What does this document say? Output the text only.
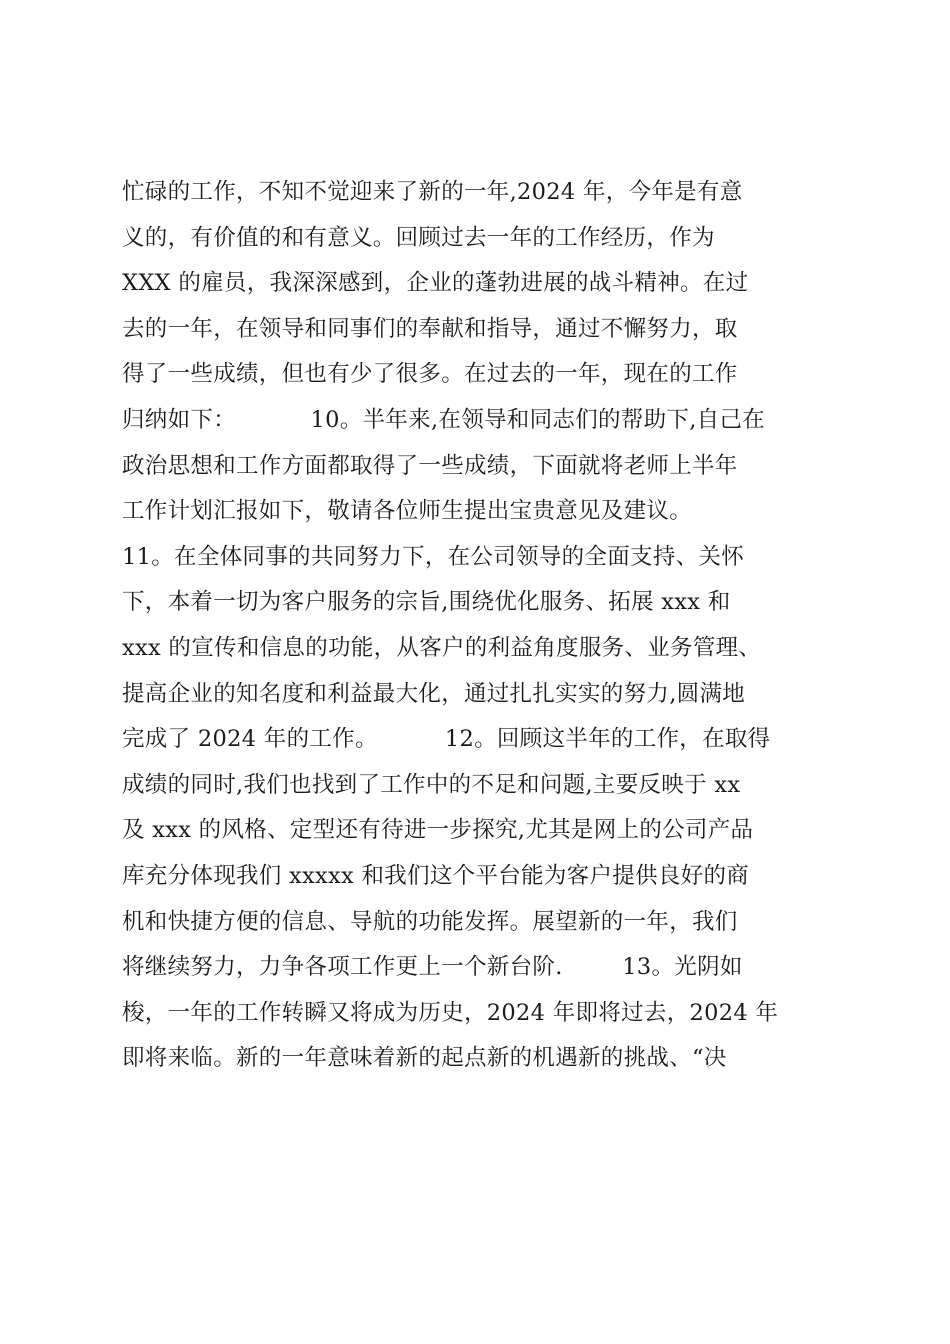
忙碌的工作，不知不觉迎来了新的一年,2024 年，今年是有意
义的，有价值的和有意义。回顾过去一年的工作经历，作为
XXX 的雇员，我深深感到，企业的蓬勃进展的战斗精神。在过
去的一年，在领导和同事们的奉献和指导，通过不懈努力，取
得了一些成绩，但也有少了很多。在过去的一年，现在的工作
归纳如下：          10。半年来,在领导和同志们的帮助下,自己在
政治思想和工作方面都取得了一些成绩，下面就将老师上半年
工作计划汇报如下，敬请各位师生提出宝贵意见及建议。
11。在全体同事的共同努力下，在公司领导的全面支持、关怀
下，本着一切为客户服务的宗旨,围绕优化服务、拓展 xxx 和
xxx 的宣传和信息的功能，从客户的利益角度服务、业务管理、
提高企业的知名度和利益最大化，通过扎扎实实的努力,圆满地
完成了 2024 年的工作。         12。回顾这半年的工作，在取得
成绩的同时,我们也找到了工作中的不足和问题,主要反映于 xx
及 xxx 的风格、定型还有待进一步探究,尤其是网上的公司产品
库充分体现我们 xxxxx 和我们这个平台能为客户提供良好的商
机和快捷方便的信息、导航的功能发挥。展望新的一年，我们
将继续努力，力争各项工作更上一个新台阶.        13。光阴如
梭，一年的工作转瞬又将成为历史，2024 年即将过去，2024 年
即将来临。新的一年意味着新的起点新的机遇新的挑战、“决
